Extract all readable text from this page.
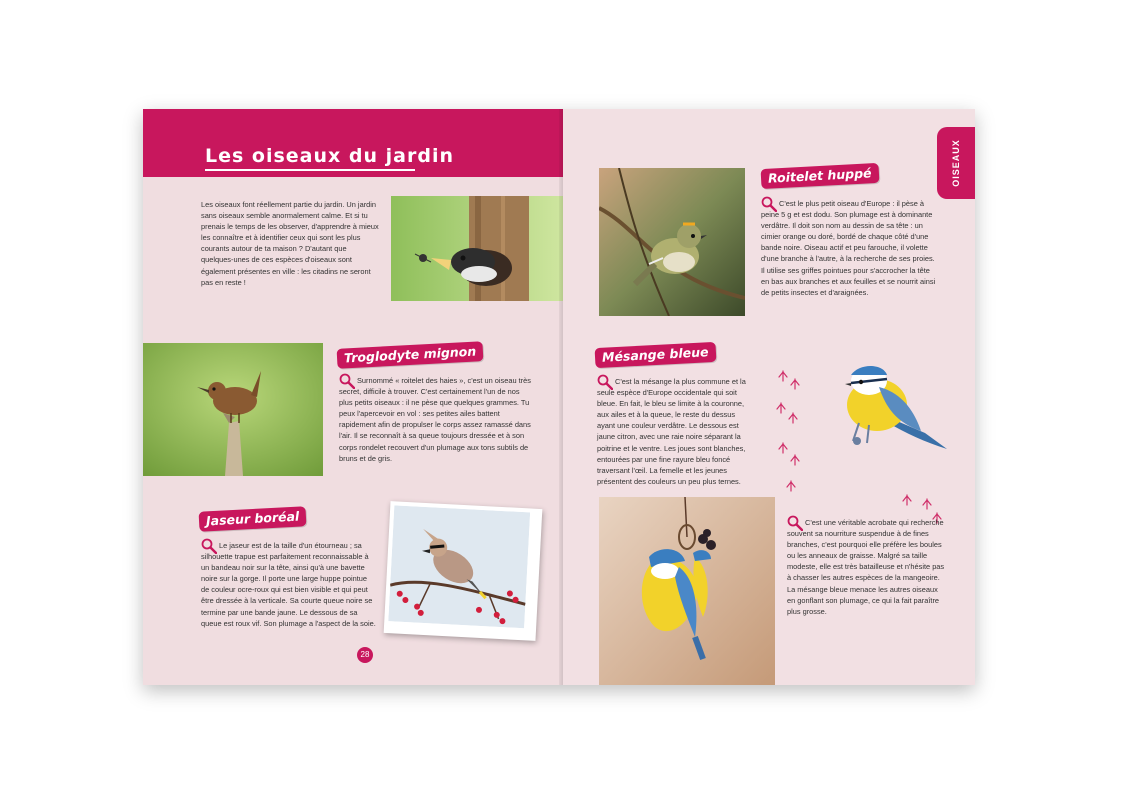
Les oiseaux du jardin
Les oiseaux font réellement partie du jardin. Un jardin sans oiseaux semble anormalement calme. Et si tu prenais le temps de les observer, d'apprendre à mieux les connaître et à identifier ceux qui sont les plus courants autour de ta maison ? D'autant que quelques-unes de ces espèces d'oiseaux sont également présentes en ville : les citadins ne seront pas en reste !
Troglodyte mignon
Surnommé « roitelet des haies », c'est un oiseau très secret, difficile à trouver. C'est certainement l'un de nos plus petits oiseaux : il ne pèse que quelques grammes. Tu peux l'apercevoir en vol : ses petites ailes battent rapidement afin de propulser le corps assez ramassé dans l'air. Il se reconnaît à sa queue toujours dressée et à son corps rondelet recouvert d'un plumage aux tons subtils de bruns et de gris.
Jaseur boréal
Le jaseur est de la taille d'un étourneau ; sa silhouette trapue est parfaitement reconnaissable à un bandeau noir sur la tête, ainsi qu'à une bavette noire sur la gorge. Il porte une large huppe pointue de couleur ocre-roux qui est bien visible et qui peut être dressée à la verticale. Sa courte queue noire se termine par une bande jaune. Le dessous de sa queue est roux vif. Son plumage a l'aspect de la soie.
28
OISEAUX
Roitelet huppé
C'est le plus petit oiseau d'Europe : il pèse à peine 5 g et est dodu. Son plumage est à dominante verdâtre. Il doit son nom au dessin de sa tête : un cimier orange ou doré, bordé de chaque côté d'une bande noire. Oiseau actif et peu farouche, il volette d'une branche à l'autre, à la recherche de ses proies. Il utilise ses griffes pointues pour s'accrocher la tête en bas aux branches et aux feuilles et se nourrit ainsi de petits insectes et d'araignées.
Mésange bleue
C'est la mésange la plus commune et la seule espèce d'Europe occidentale qui soit bleue. En fait, le bleu se limite à la couronne, aux ailes et à la queue, le reste du dessus ayant une couleur verdâtre. Le dessous est jaune citron, avec une raie noire séparant la poitrine et le ventre. Les joues sont blanches, entourées par une fine rayure bleu foncé traversant l'œil. La femelle et les jeunes présentent des couleurs un peu plus ternes.
C'est une véritable acrobate qui recherche souvent sa nourriture suspendue à de fines branches, c'est pourquoi elle préfère les boules ou les anneaux de graisse. Malgré sa taille modeste, elle est très batailleuse et n'hésite pas à chasser les autres espèces de la mangeoire. La mésange bleue menace les autres oiseaux en gonflant son plumage, ce qui la fait paraître plus grosse.
